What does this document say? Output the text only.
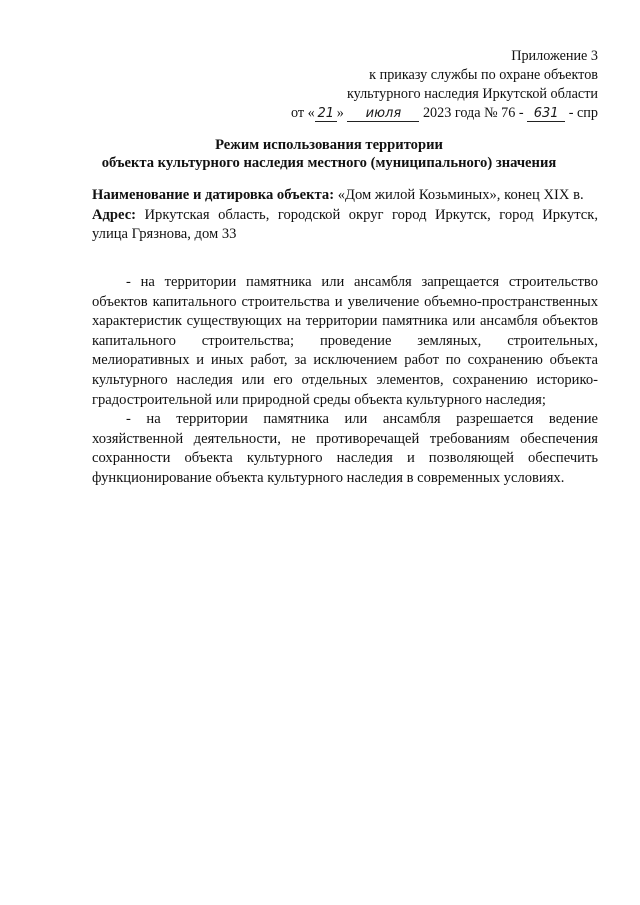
Приложение 3
к приказу службы по охране объектов
культурного наследия Иркутской области
от « 21 » июля 2023 года № 76 - 631 - спр
Режим использования территории
объекта культурного наследия местного (муниципального) значения

Наименование и датировка объекта: «Дом жилой Козьминых», конец XIX в.

Адрес: Иркутская область, городской округ город Иркутск, город Иркутск, улица Грязнова, дом 33

- на территории памятника или ансамбля запрещается строительство объектов капитального строительства и увеличение объемно-пространственных характеристик существующих на территории памятника или ансамбля объектов капитального строительства; проведение земляных, строительных, мелиоративных и иных работ, за исключением работ по сохранению объекта культурного наследия или его отдельных элементов, сохранению историко-градостроительной или природной среды объекта культурного наследия;

- на территории памятника или ансамбля разрешается ведение хозяйственной деятельности, не противоречащей требованиям обеспечения сохранности объекта культурного наследия и позволяющей обеспечить функционирование объекта культурного наследия в современных условиях.
